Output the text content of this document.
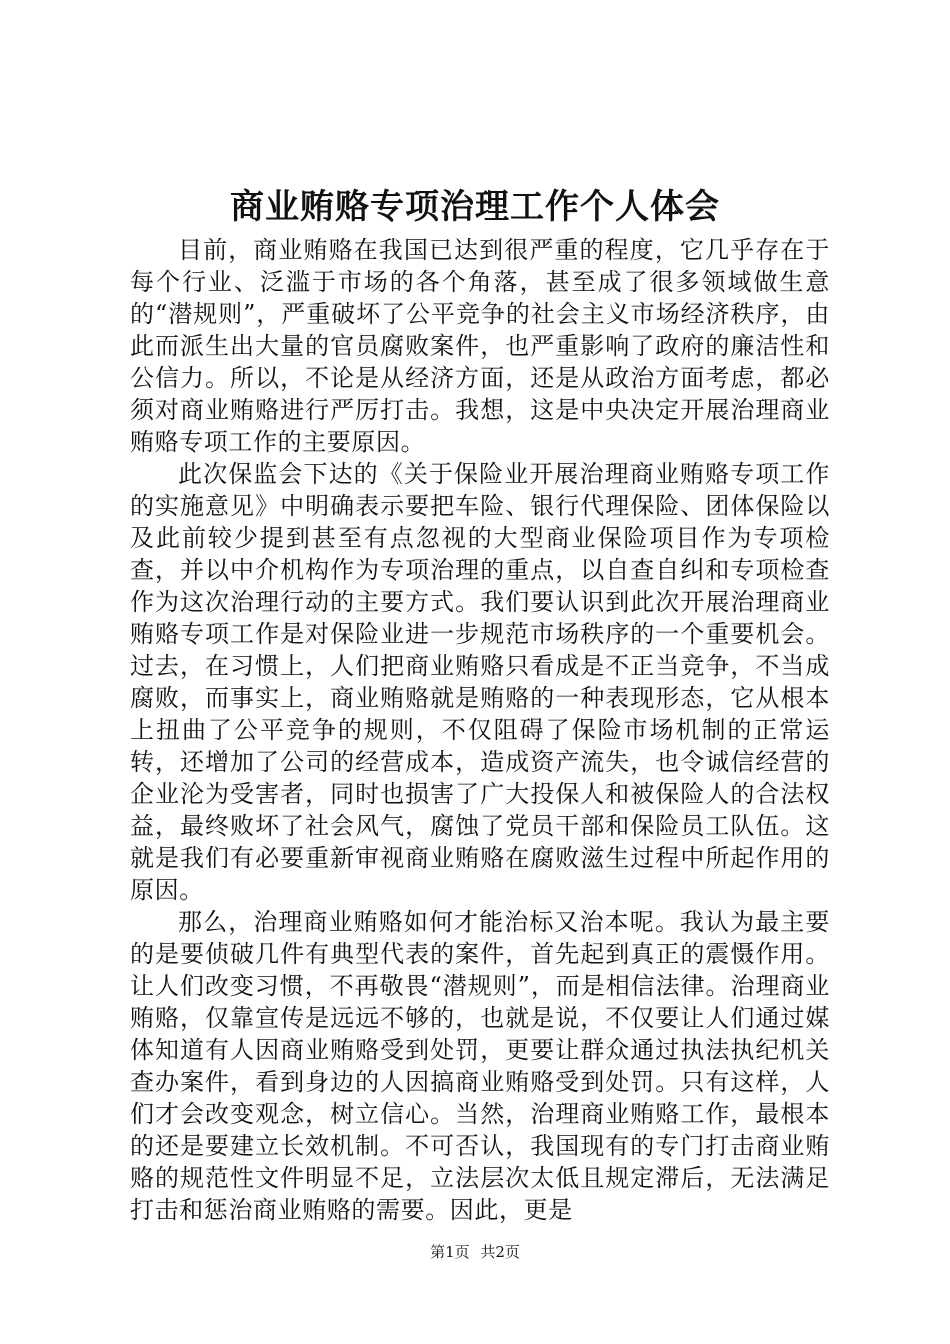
商业贿赂专项治理工作个人体会

目前，商业贿赂在我国已达到很严重的程度，它几乎存在于每个行业、泛滥于市场的各个角落，甚至成了很多领域做生意的“潜规则”，严重破坏了公平竞争的社会主义市场经济秩序，由此而派生出大量的官员腐败案件，也严重影响了政府的廉洁性和公信力。所以，不论是从经济方面，还是从政治方面考虑，都必须对商业贿赂进行严厉打击。我想，这是中央决定开展治理商业贿赂专项工作的主要原因。

此次保监会下达的《关于保险业开展治理商业贿赂专项工作的实施意见》中明确表示要把车险、银行代理保险、团体保险以及此前较少提到甚至有点忽视的大型商业保险项目作为专项检查，并以中介机构作为专项治理的重点，以自查自纠和专项检查作为这次治理行动的主要方式。我们要认识到此次开展治理商业贿赂专项工作是对保险业进一步规范市场秩序的一个重要机会。过去，在习惯上，人们把商业贿赂只看成是不正当竞争，不当成腐败，而事实上，商业贿赂就是贿赂的一种表现形态，它从根本上扭曲了公平竞争的规则，不仅阻碍了保险市场机制的正常运转，还增加了公司的经营成本，造成资产流失，也令诚信经营的企业沦为受害者，同时也损害了广大投保人和被保险人的合法权益，最终败坏了社会风气，腐蚀了党员干部和保险员工队伍。这就是我们有必要重新审视商业贿赂在腐败滋生过程中所起作用的原因。

那么，治理商业贿赂如何才能治标又治本呢。我认为最主要的是要侦破几件有典型代表的案件，首先起到真正的震慑作用。让人们改变习惯，不再敬畏“潜规则”，而是相信法律。治理商业贿赂，仅靠宣传是远远不够的，也就是说，不仅要让人们通过媒体知道有人因商业贿赂受到处罚，更要让群众通过执法执纪机关查办案件，看到身边的人因搞商业贿赂受到处罚。只有这样，人们才会改变观念，树立信心。当然，治理商业贿赂工作，最根本的还是要建立长效机制。不可否认，我国现有的专门打击商业贿赂的规范性文件明显不足，立法层次太低且规定滞后，无法满足打击和惩治商业贿赂的需要。因此，更是

第1页 共2页
